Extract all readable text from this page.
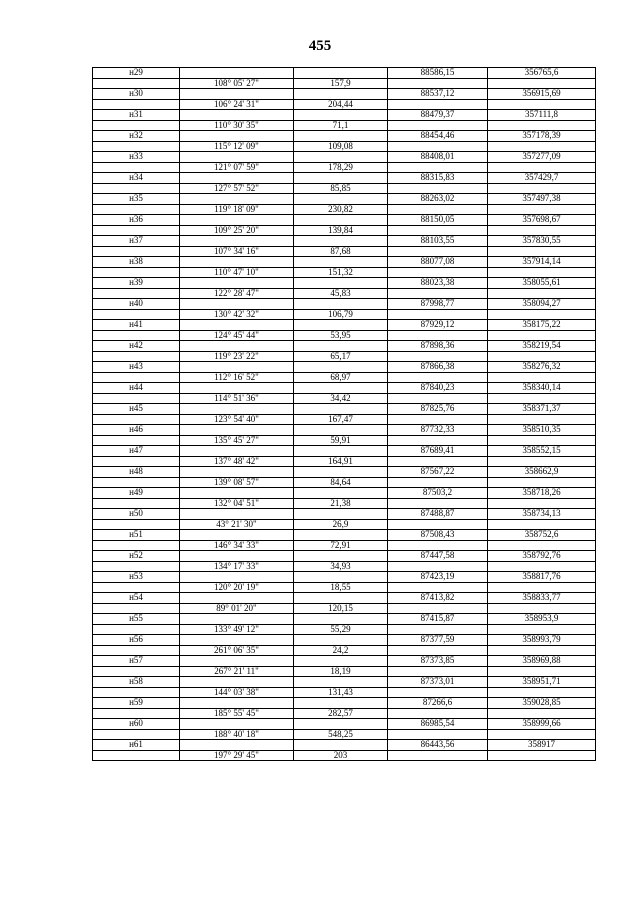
455
н29			88586,15	356765,6
	108° 05' 27"	157,9		
н30			88537,12	356915,69
	106° 24' 31"	204,44		
н31			88479,37	357111,8
	110° 30' 35"	71,1		
н32			88454,46	357178,39
	115° 12' 09"	109,08		
н33			88408,01	357277,09
	121° 07' 59"	178,29		
н34			88315,83	357429,7
	127° 57' 52"	85,85		
н35			88263,02	357497,38
	119° 18' 09"	230,82		
н36			88150,05	357698,67
	109° 25' 20"	139,84		
н37			88103,55	357830,55
	107° 34' 16"	87,68		
н38			88077,08	357914,14
	110° 47' 10"	151,32		
н39			88023,38	358055,61
	122° 28' 47"	45,83		
н40			87998,77	358094,27
	130° 42' 32"	106,79		
н41			87929,12	358175,22
	124° 45' 44"	53,95		
н42			87898,36	358219,54
	119° 23' 22"	65,17		
н43			87866,38	358276,32
	112° 16' 52"	68,97		
н44			87840,23	358340,14
	114° 51' 36"	34,42		
н45			87825,76	358371,37
	123° 54' 40"	167,47		
н46			87732,33	358510,35
	135° 45' 27"	59,91		
н47			87689,41	358552,15
	137° 48' 42"	164,91		
н48			87567,22	358662,9
	139° 08' 57"	84,64		
н49			87503,2	358718,26
	132° 04' 51"	21,38		
н50			87488,87	358734,13
	43° 21' 30"	26,9		
н51			87508,43	358752,6
	146° 34' 33"	72,91		
н52			87447,58	358792,76
	134° 17' 33"	34,93		
н53			87423,19	358817,76
	120° 20' 19"	18,55		
н54			87413,82	358833,77
	89° 01' 20"	120,15		
н55			87415,87	358953,9
	133° 49' 12"	55,29		
н56			87377,59	358993,79
	261° 06' 35"	24,2		
н57			87373,85	358969,88
	267° 21' 11"	18,19		
н58			87373,01	358951,71
	144° 03' 38"	131,43		
н59			87266,6	359028,85
	185° 55' 45"	282,57		
н60			86985,54	358999,66
	188° 40' 18"	548,25		
н61			86443,56	358917
	197° 29' 45"	203		
